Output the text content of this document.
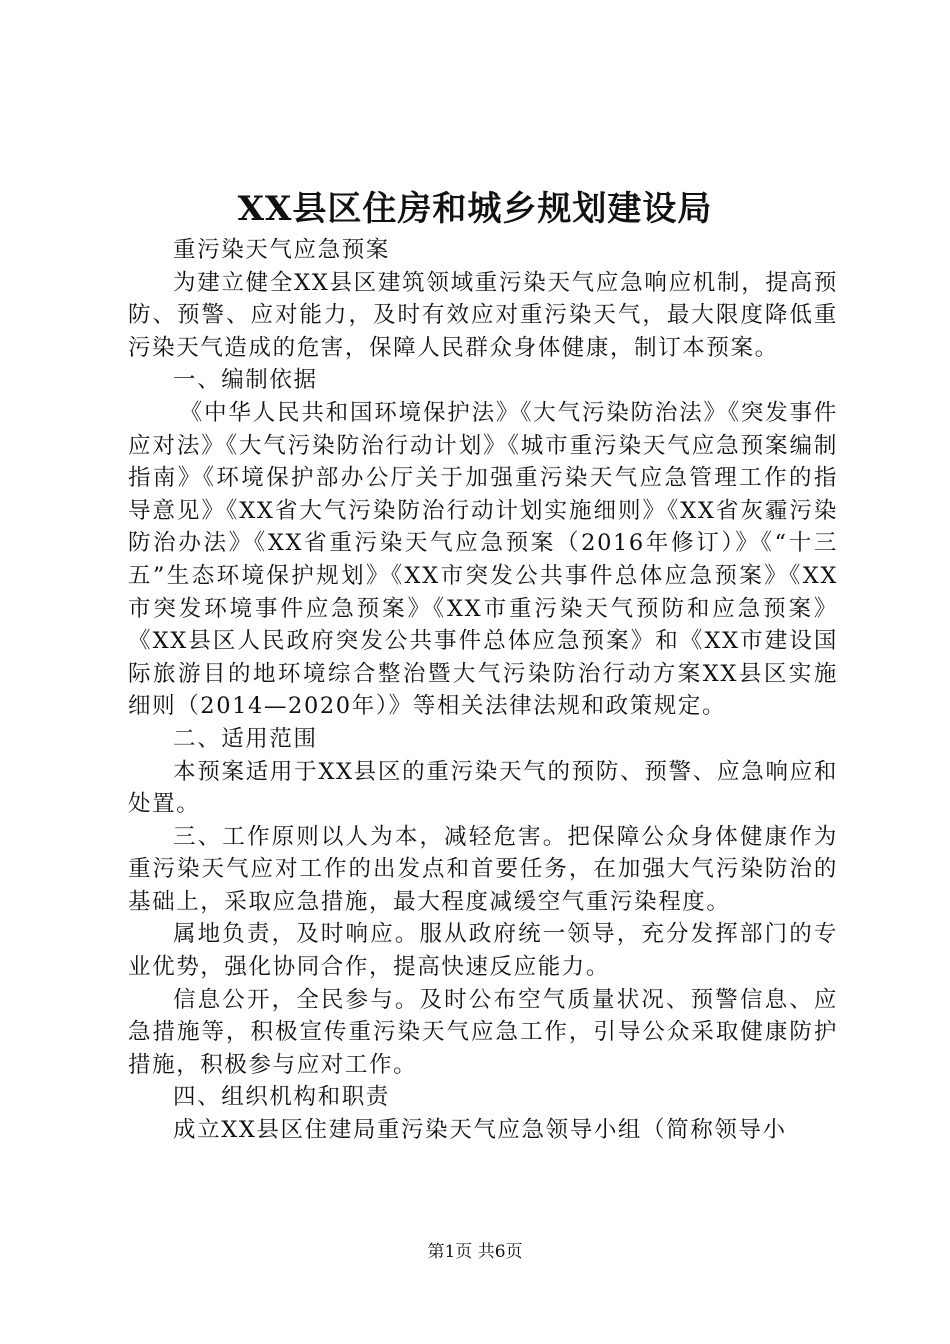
XX县区住房和城乡规划建设局

重污染天气应急预案

为建立健全XX县区建筑领域重污染天气应急响应机制，提高预防、预警、应对能力，及时有效应对重污染天气，最大限度降低重污染天气造成的危害，保障人民群众身体健康，制订本预案。

一、编制依据

《中华人民共和国环境保护法》《大气污染防治法》《突发事件应对法》《大气污染防治行动计划》《城市重污染天气应急预案编制指南》《环境保护部办公厅关于加强重污染天气应急管理工作的指导意见》《XX省大气污染防治行动计划实施细则》《XX省灰霾污染防治办法》《XX省重污染天气应急预案（2016年修订）》《“十三五”生态环境保护规划》《XX市突发公共事件总体应急预案》《XX市突发环境事件应急预案》《XX市重污染天气预防和应急预案》《XX县区人民政府突发公共事件总体应急预案》和《XX市建设国际旅游目的地环境综合整治暨大气污染防治行动方案XX县区实施细则（2014—2020年）》等相关法律法规和政策规定。

二、适用范围

本预案适用于XX县区的重污染天气的预防、预警、应急响应和处置。

三、工作原则以人为本，减轻危害。把保障公众身体健康作为重污染天气应对工作的出发点和首要任务，在加强大气污染防治的基础上，采取应急措施，最大程度减缓空气重污染程度。

属地负责，及时响应。服从政府统一领导，充分发挥部门的专业优势，强化协同合作，提高快速反应能力。

信息公开，全民参与。及时公布空气质量状况、预警信息、应急措施等，积极宣传重污染天气应急工作，引导公众采取健康防护措施，积极参与应对工作。

四、组织机构和职责

成立XX县区住建局重污染天气应急领导小组（简称领导小

第1页 共6页
